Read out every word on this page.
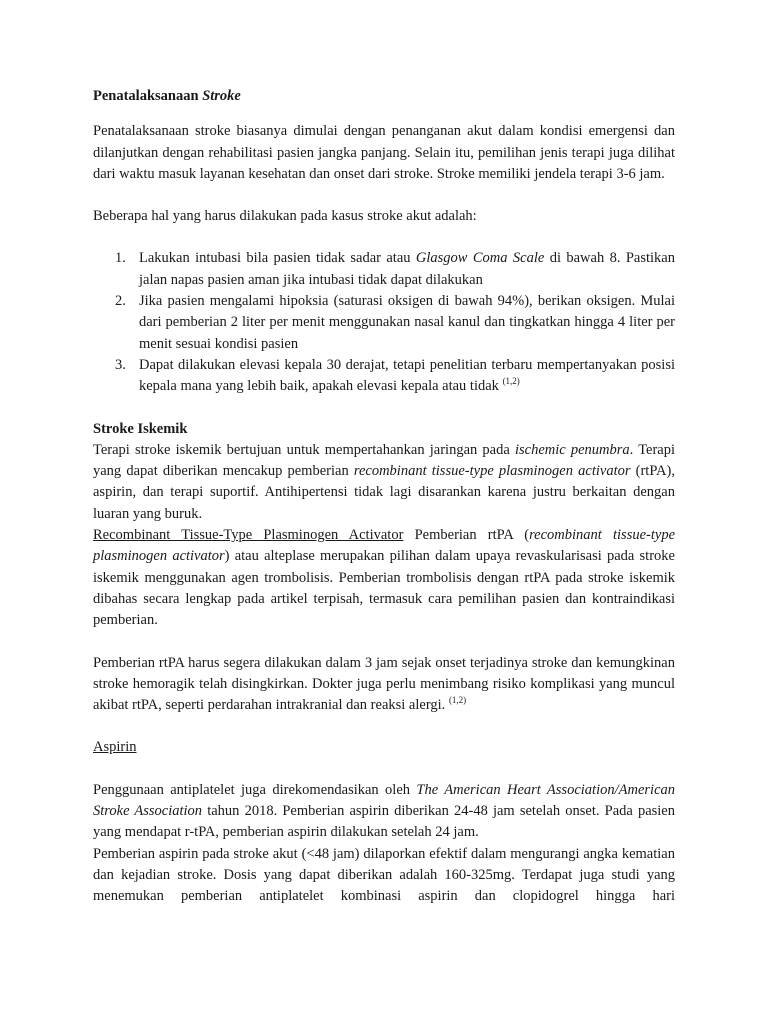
Penatalaksanaan Stroke

Penatalaksanaan stroke biasanya dimulai dengan penanganan akut dalam kondisi emergensi dan dilanjutkan dengan rehabilitasi pasien jangka panjang. Selain itu, pemilihan jenis terapi juga dilihat dari waktu masuk layanan kesehatan dan onset dari stroke. Stroke memiliki jendela terapi 3-6 jam.

Beberapa hal yang harus dilakukan pada kasus stroke akut adalah:

1. Lakukan intubasi bila pasien tidak sadar atau Glasgow Coma Scale di bawah 8. Pastikan jalan napas pasien aman jika intubasi tidak dapat dilakukan
2. Jika pasien mengalami hipoksia (saturasi oksigen di bawah 94%), berikan oksigen. Mulai dari pemberian 2 liter per menit menggunakan nasal kanul dan tingkatkan hingga 4 liter per menit sesuai kondisi pasien
3. Dapat dilakukan elevasi kepala 30 derajat, tetapi penelitian terbaru mempertanyakan posisi kepala mana yang lebih baik, apakah elevasi kepala atau tidak $^{(1,2)}$
Stroke Iskemik

Terapi stroke iskemik bertujuan untuk mempertahankan jaringan pada ischemic penumbra. Terapi yang dapat diberikan mencakup pemberian recombinant tissue-type plasminogen activator (rtPA), aspirin, dan terapi suportif. Antihipertensi tidak lagi disarankan karena justru berkaitan dengan luaran yang buruk.

Recombinant Tissue-Type Plasminogen Activator Pemberian rtPA (recombinant tissue-type plasminogen activator) atau alteplase merupakan pilihan dalam upaya revaskularisasi pada stroke iskemik menggunakan agen trombolisis. Pemberian trombolisis dengan rtPA pada stroke iskemik dibahas secara lengkap pada artikel terpisah, termasuk cara pemilihan pasien dan kontraindikasi pemberian.

Pemberian rtPA harus segera dilakukan dalam 3 jam sejak onset terjadinya stroke dan kemungkinan stroke hemoragik telah disingkirkan. Dokter juga perlu menimbang risiko komplikasi yang muncul akibat rtPA, seperti perdarahan intrakranial dan reaksi alergi. $^{(1,2)}$

Aspirin

Penggunaan antiplatelet juga direkomendasikan oleh The American Heart Association/American Stroke Association tahun 2018. Pemberian aspirin diberikan 24-48 jam setelah onset. Pada pasien yang mendapat r-tPA, pemberian aspirin dilakukan setelah 24 jam.

Pemberian aspirin pada stroke akut (<48 jam) dilaporkan efektif dalam mengurangi angka kematian dan kejadian stroke. Dosis yang dapat diberikan adalah 160-325mg. Terdapat juga studi yang menemukan pemberian antiplatelet kombinasi aspirin dan clopidogrel hingga hari
